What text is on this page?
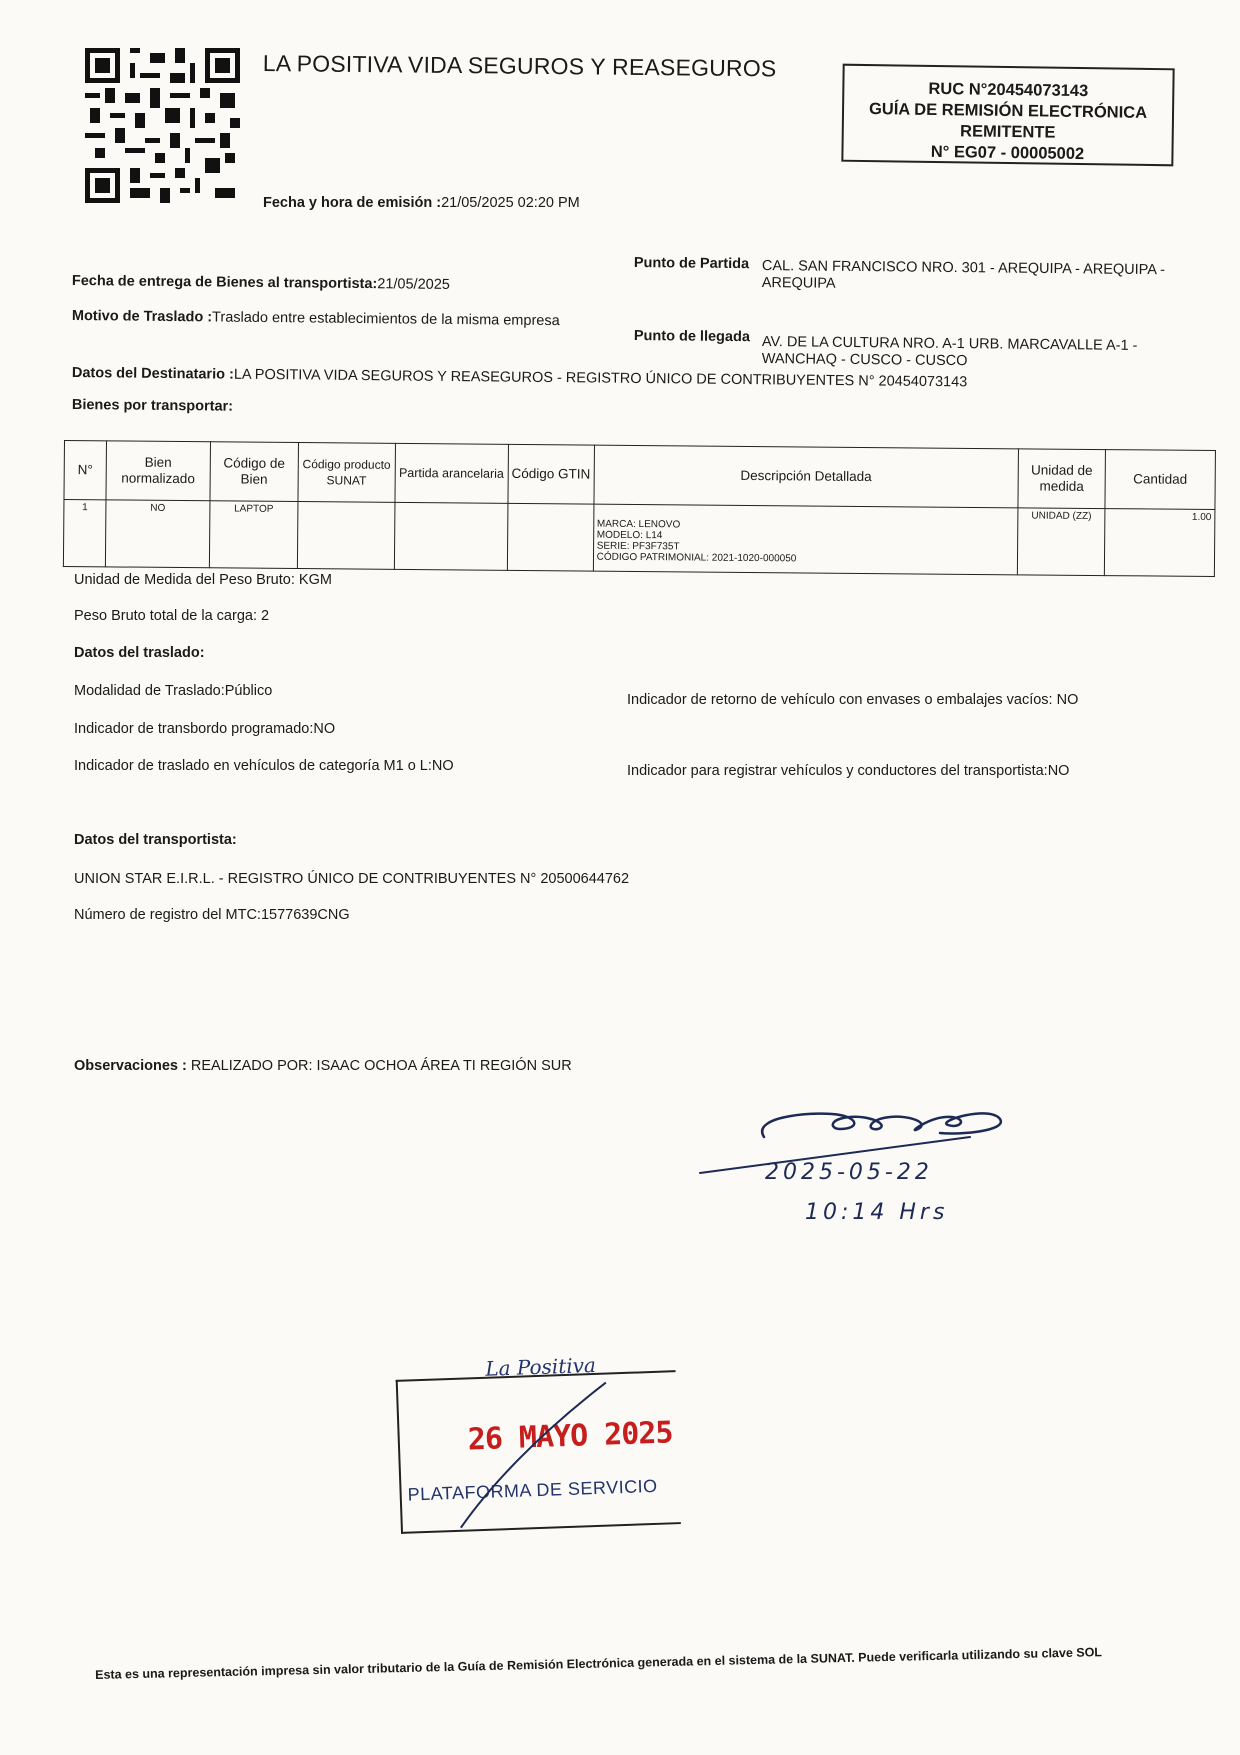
LA POSITIVA VIDA SEGUROS Y REASEGUROS
RUC N°20454073143
GUÍA DE REMISIÓN ELECTRÓNICA
REMITENTE
N° EG07 - 00005002
Fecha y hora de emisión :21/05/2025 02:20 PM
Fecha de entrega de Bienes al transportista:21/05/2025
Motivo de Traslado :Traslado entre establecimientos de la misma empresa
Punto de Partida CAL. SAN FRANCISCO NRO. 301 - AREQUIPA - AREQUIPA - AREQUIPA
Punto de llegada AV. DE LA CULTURA NRO. A-1 URB. MARCAVALLE A-1 - WANCHAQ - CUSCO - CUSCO
Datos del Destinatario :LA POSITIVA VIDA SEGUROS Y REASEGUROS - REGISTRO ÚNICO DE CONTRIBUYENTES N° 20454073143
Bienes por transportar:
N°	Bien normalizado	Código de Bien	Código producto SUNAT	Partida arancelaria	Código GTIN	Descripción Detallada	Unidad de medida	Cantidad
1	NO	LAPTOP				MARCA: LENOVO
MODELO: L14
SERIE: PF3F735T
CÓDIGO PATRIMONIAL: 2021-1020-000050	UNIDAD (ZZ)	1.00
Unidad de Medida del Peso Bruto: KGM
Peso Bruto total de la carga: 2
Datos del traslado:
Modalidad de Traslado:Público
Indicador de transbordo programado:NO
Indicador de traslado en vehículos de categoría M1 o L:NO
Indicador de retorno de vehículo con envases o embalajes vacíos: NO
Indicador para registrar vehículos y conductores del transportista:NO
Datos del transportista:
UNION STAR E.I.R.L. - REGISTRO ÚNICO DE CONTRIBUYENTES N° 20500644762
Número de registro del MTC:1577639CNG
Observaciones : REALIZADO POR: ISAAC OCHOA ÁREA TI REGIÓN SUR
2025-05-22
10:14 Hrs
La Positiva
26 MAYO 2025
PLATAFORMA DE SERVICIO
Esta es una representación impresa sin valor tributario de la Guía de Remisión Electrónica generada en el sistema de la SUNAT. Puede verificarla utilizando su clave SOL
